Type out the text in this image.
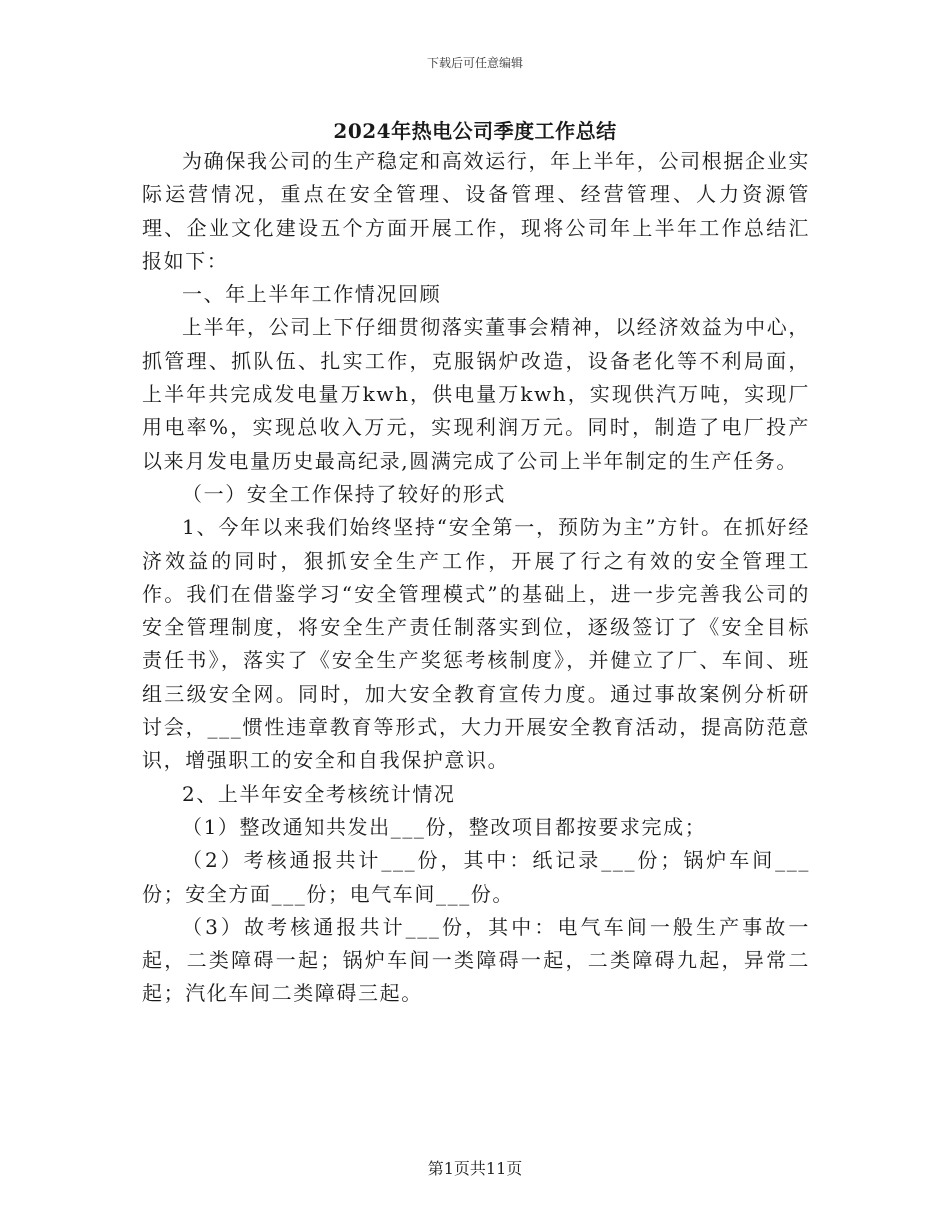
下载后可任意编辑
2024年热电公司季度工作总结

为确保我公司的生产稳定和高效运行，年上半年，公司根据企业实际运营情况，重点在安全管理、设备管理、经营管理、人力资源管理、企业文化建设五个方面开展工作，现将公司年上半年工作总结汇报如下：

一、年上半年工作情况回顾

上半年，公司上下仔细贯彻落实董事会精神，以经济效益为中心，抓管理、抓队伍、扎实工作，克服锅炉改造，设备老化等不利局面，上半年共完成发电量万kwh，供电量万kwh，实现供汽万吨，实现厂用电率%，实现总收入万元，实现利润万元。同时，制造了电厂投产以来月发电量历史最高纪录,圆满完成了公司上半年制定的生产任务。

（一）安全工作保持了较好的形式

1、今年以来我们始终坚持“安全第一，预防为主”方针。在抓好经济效益的同时，狠抓安全生产工作，开展了行之有效的安全管理工作。我们在借鉴学习“安全管理模式”的基础上，进一步完善我公司的安全管理制度，将安全生产责任制落实到位，逐级签订了《安全目标责任书》，落实了《安全生产奖惩考核制度》，并健立了厂、车间、班组三级安全网。同时，加大安全教育宣传力度。通过事故案例分析研讨会，___惯性违章教育等形式，大力开展安全教育活动，提高防范意识，增强职工的安全和自我保护意识。

2、上半年安全考核统计情况

（1）整改通知共发出___份，整改项目都按要求完成；

（2）考核通报共计___份，其中：纸记录___份；锅炉车间___份；安全方面___份；电气车间___份。

（3）故考核通报共计___份，其中：电气车间一般生产事故一起，二类障碍一起；锅炉车间一类障碍一起，二类障碍九起，异常二起；汽化车间二类障碍三起。

第1页共11页
